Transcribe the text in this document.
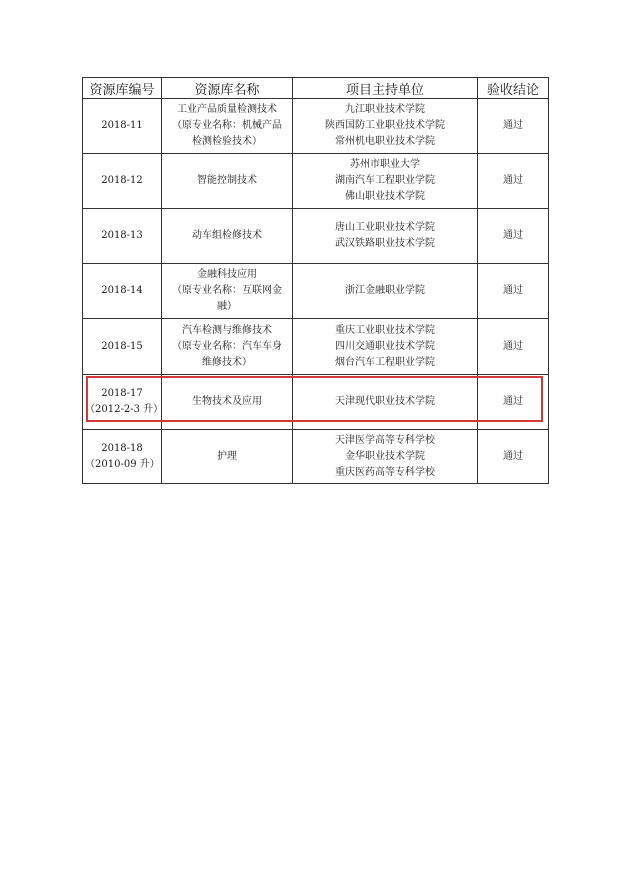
资源库编号	资源库名称	项目主持单位	验收结论

2018-11	工业产品质量检测技术
（原专业名称：机械产品
检测检验技术）	九江职业技术学院
陕西国防工业职业技术学院
常州机电职业技术学院	通过

2018-12	智能控制技术	苏州市职业大学
湖南汽车工程职业学院
佛山职业技术学院	通过

2018-13	动车组检修技术	唐山工业职业技术学院
武汉铁路职业技术学院	通过

2018-14	金融科技应用
（原专业名称：互联网金
融）	浙江金融职业学院	通过

2018-15	汽车检测与维修技术
（原专业名称：汽车车身
维修技术）	重庆工业职业技术学院
四川交通职业技术学院
烟台汽车工程职业学院	通过

2018-17
（2012-2-3 升）	生物技术及应用	天津现代职业技术学院	通过

2018-18
（2010-09 升）	护理	天津医学高等专科学校
金华职业技术学院
重庆医药高等专科学校	通过
